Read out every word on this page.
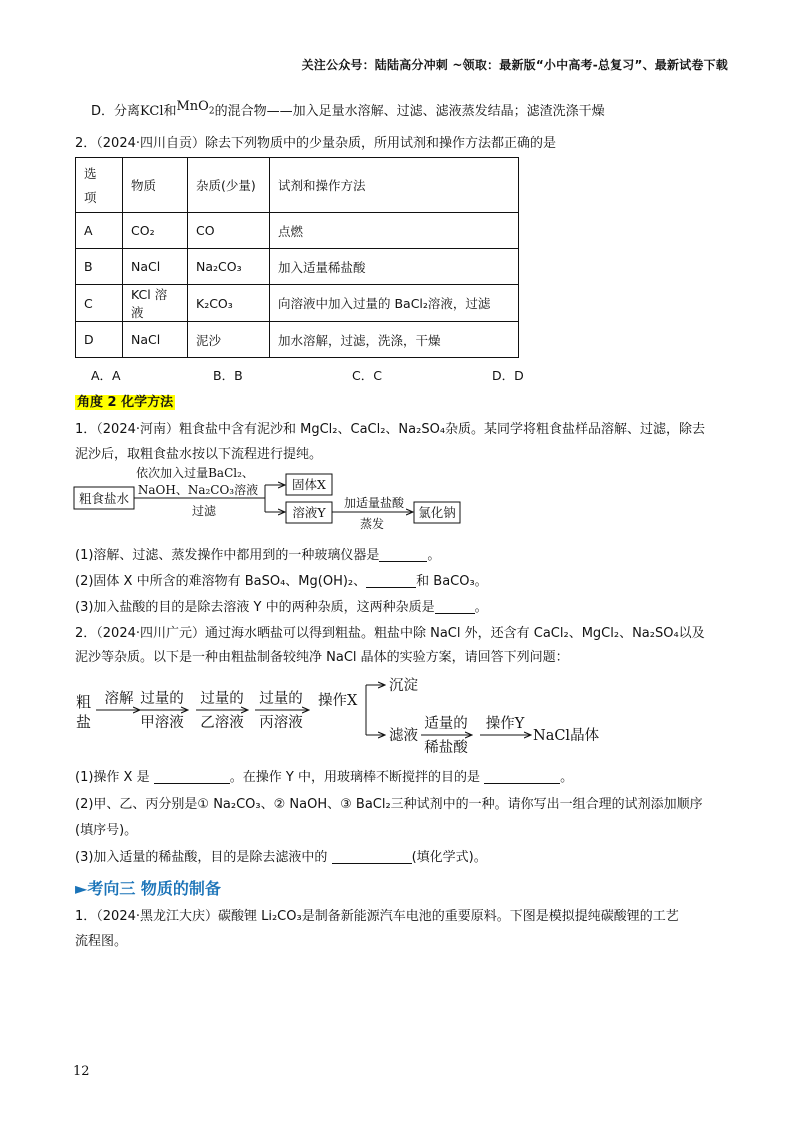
关注公众号：陆陆高分冲刺 ~领取：最新版“小中高考-总复习”、最新试卷下载
D．分离KCl和MnO$_2$的混合物——加入足量水溶解、过滤、滤液蒸发结晶；滤渣洗涤干燥
2．（2024·四川自贡）除去下列物质中的少量杂质，所用试剂和操作方法都正确的是
选
项	物质	杂质(少量)	试剂和操作方法
A	CO₂	CO	点燃
B	NaCl	Na₂CO₃	加入适量稀盐酸
C	KCl 溶液	K₂CO₃	向溶液中加入过量的 BaCl₂溶液，过滤
D	NaCl	泥沙	加水溶解，过滤，洗涤，干燥
A．A	B．B	C．C	D．D
角度 2 化学方法
1．（2024·河南）粗食盐中含有泥沙和 MgCl₂、CaCl₂、Na₂SO₄杂质。某同学将粗食盐样品溶解、过滤，除去
泥沙后，取粗食盐水按以下流程进行提纯。
粗食盐水
依次加入过量BaCl₂、
NaOH、Na₂CO₃溶液
过滤
固体X
溶液Y
加适量盐酸
蒸发
氯化钠
(1)溶解、过滤、蒸发操作中都用到的一种玻璃仪器是	。
(2)固体 X 中所含的难溶物有 BaSO₄、Mg(OH)₂、	和 BaCO₃。
(3)加入盐酸的目的是除去溶液 Y 中的两种杂质，这两种杂质是	。
2．（2024·四川广元）通过海水晒盐可以得到粗盐。粗盐中除 NaCl 外，还含有 CaCl₂、MgCl₂、Na₂SO₄以及
泥沙等杂质。以下是一种由粗盐制备较纯净 NaCl 晶体的实验方案，请回答下列问题：
粗
盐
溶解 过量的
甲溶液
过量的
乙溶液
过量的
丙溶液
操作X
沉淀
滤液
适量的
稀盐酸
操作Y
NaCl晶体
(1)操作 X 是	。在操作 Y 中，用玻璃棒不断搅拌的目的是	。
(2)甲、乙、丙分别是① Na₂CO₃、② NaOH、③ BaCl₂三种试剂中的一种。请你写出一组合理的试剂添加顺序
(填序号)。
(3)加入适量的稀盐酸，目的是除去滤液中的	(填化学式)。
►考向三 物质的制备
1．（2024·黑龙江大庆）碳酸锂 Li₂CO₃是制备新能源汽车电池的重要原料。下图是模拟提纯碳酸锂的工艺
流程图。
12
